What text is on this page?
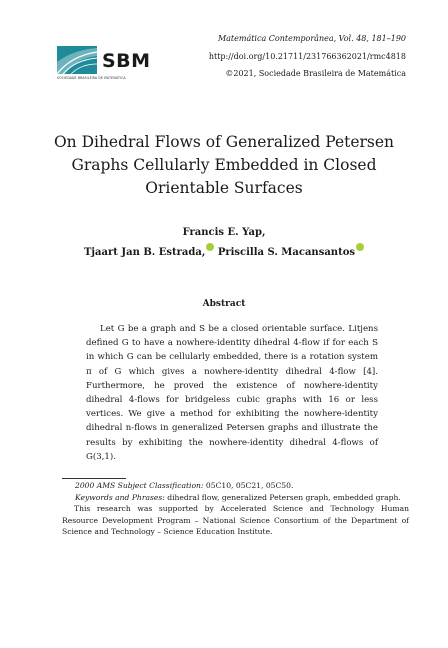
SBM
SOCIEDADE BRASILEIRA DE MATEMÁTICA
Matemática Contemporânea, Vol. 48, 181–190
http://doi.org/10.21711/231766362021/rmc4818
©2021, Sociedade Brasileira de Matemática
On Dihedral Flows of Generalized Petersen Graphs Cellularly Embedded in Closed Orientable Surfaces
Francis E. Yap,
Tjaart Jan B. Estrada, Priscilla S. Macansantos
Abstract

Let G be a graph and S be a closed orientable surface. Litjens defined G to have a nowhere-identity dihedral 4-flow if for each S in which G can be cellularly embedded, there is a rotation system π of G which gives a nowhere-identity dihedral 4-flow [4]. Furthermore, he proved the existence of nowhere-identity dihedral 4-flows for bridgeless cubic graphs with 16 or less vertices. We give a method for exhibiting the nowhere-identity dihedral n-flows in generalized Petersen graphs and illustrate the results by exhibiting the nowhere-identity dihedral 4-flows of G(3,1).

2000 AMS Subject Classification: 05C10, 05C21, 05C50.
Keywords and Phrases: dihedral flow, generalized Petersen graph, embedded graph.

This research was supported by Accelerated Science and Technology Human Resource Development Program – National Science Consortium of the Department of Science and Technology – Science Education Institute.
